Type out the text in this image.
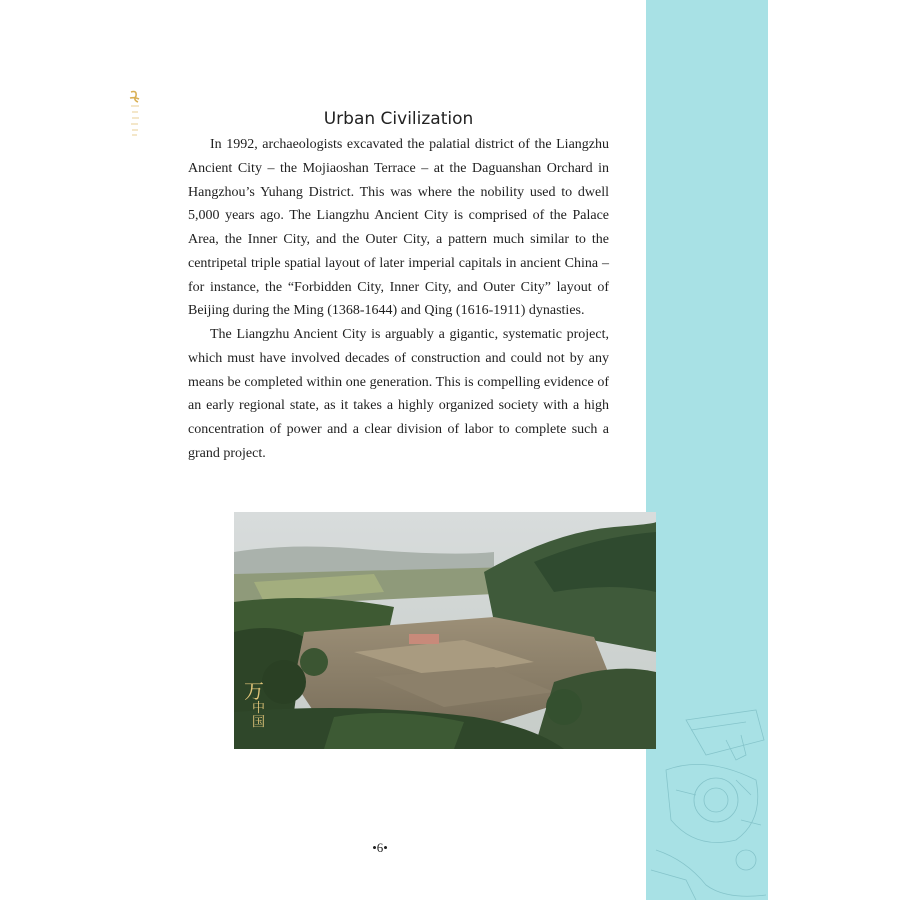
Urban Civilization

In 1992, archaeologists excavated the palatial district of the Liangzhu Ancient City – the Mojiaoshan Terrace – at the Daguanshan Orchard in Hangzhou’s Yuhang District. This was where the nobility used to dwell 5,000 years ago. The Liangzhu Ancient City is comprised of the Palace Area, the Inner City, and the Outer City, a pattern much similar to the centripetal triple spatial layout of later imperial capitals in ancient China – for instance, the “Forbidden City, Inner City, and Outer City” layout of Beijing during the Ming (1368-1644) and Qing (1616-1911) dynasties.

The Liangzhu Ancient City is arguably a gigantic, systematic project, which must have involved decades of construction and could not by any means be completed within one generation. This is compelling evidence of an early regional state, as it takes a highly organized society with a high concentration of power and a clear division of labor to complete such a grand project.

万
中国
•6•
